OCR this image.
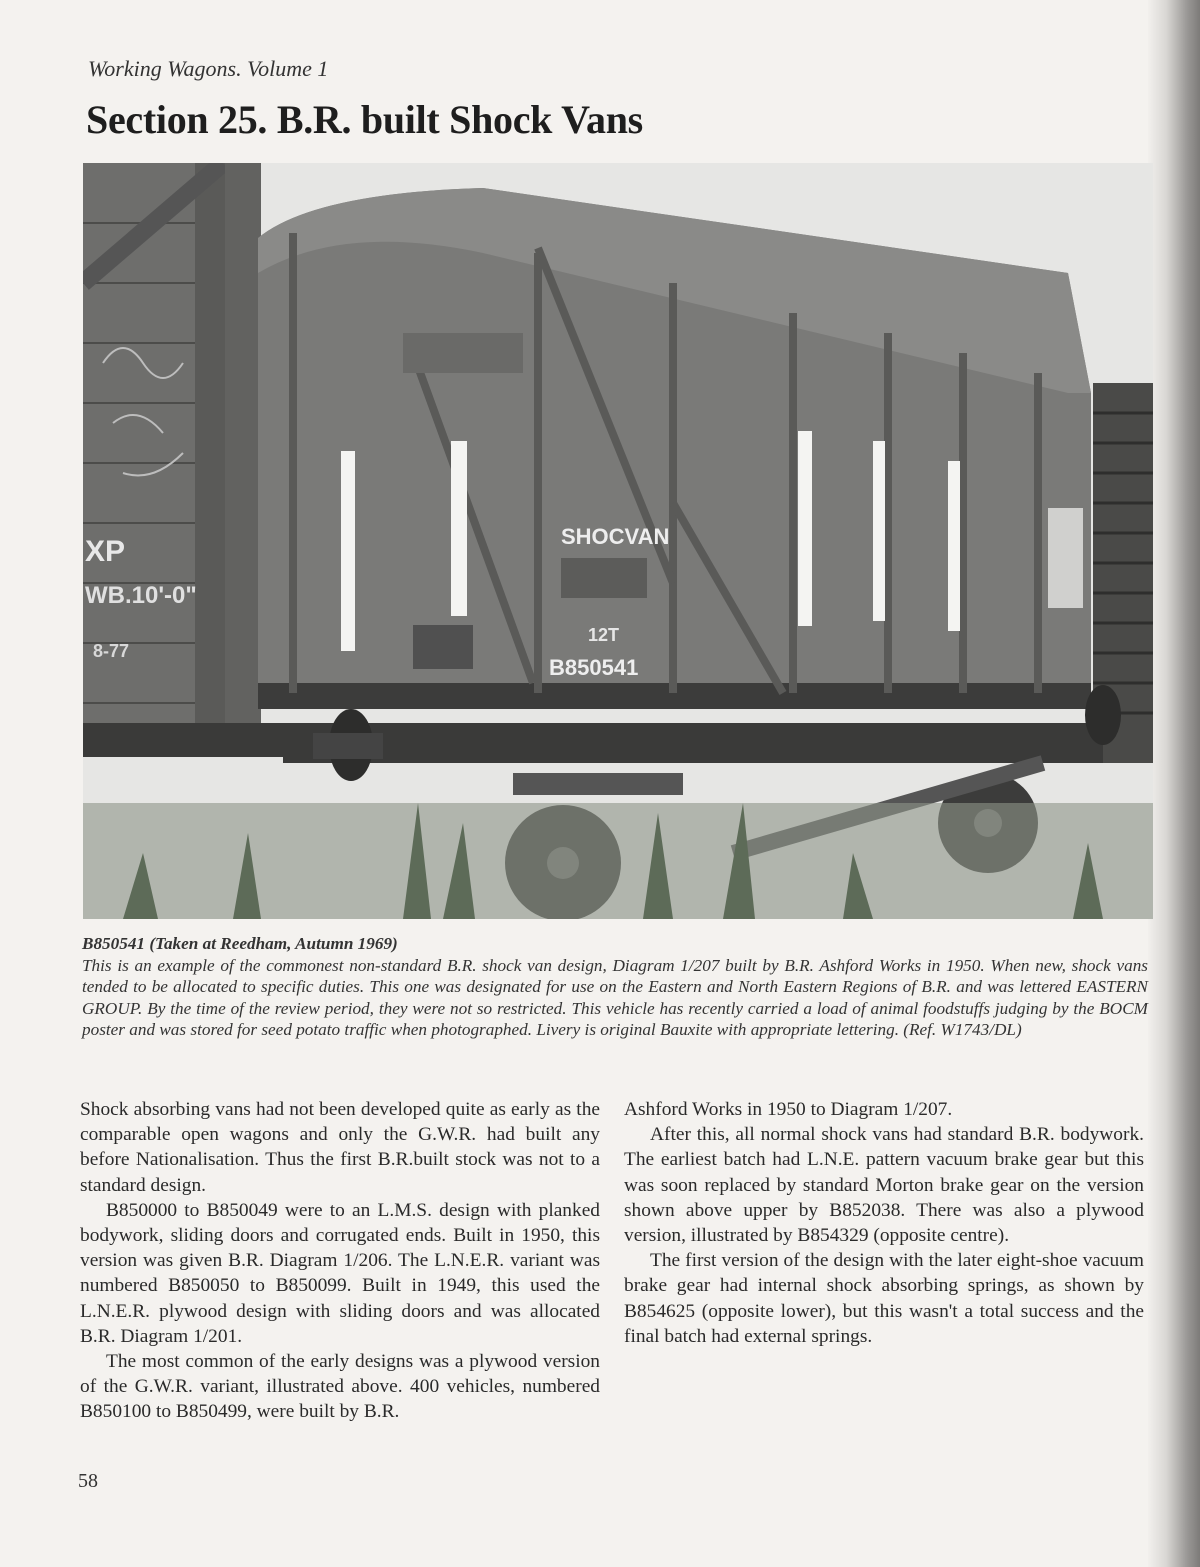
Working Wagons. Volume 1
Section 25. B.R. built Shock Vans
XP
WB.10'-0"
8-77
SHOCVAN
12T
B850541
B850541 (Taken at Reedham, Autumn 1969)
This is an example of the commonest non-standard B.R. shock van design, Diagram 1/207 built by B.R. Ashford Works in 1950. When new, shock vans tended to be allocated to specific duties. This one was designated for use on the Eastern and North Eastern Regions of B.R. and was lettered EASTERN GROUP. By the time of the review period, they were not so restricted. This vehicle has recently carried a load of animal foodstuffs judging by the BOCM poster and was stored for seed potato traffic when photographed. Livery is original Bauxite with appropriate lettering. (Ref. W1743/DL)

Shock absorbing vans had not been developed quite as early as the comparable open wagons and only the G.W.R. had built any before Nationalisation. Thus the first B.R.built stock was not to a standard design.

B850000 to B850049 were to an L.M.S. design with planked bodywork, sliding doors and corrugated ends. Built in 1950, this version was given B.R. Diagram 1/206. The L.N.E.R. variant was numbered B850050 to B850099. Built in 1949, this used the L.N.E.R. plywood design with sliding doors and was allocated B.R. Diagram 1/201.

The most common of the early designs was a plywood version of the G.W.R. variant, illustrated above. 400 vehicles, numbered B850100 to B850499, were built by B.R.

Ashford Works in 1950 to Diagram 1/207.

After this, all normal shock vans had standard B.R. bodywork. The earliest batch had L.N.E. pattern vacuum brake gear but this was soon replaced by standard Morton brake gear on the version shown above upper by B852038. There was also a plywood version, illustrated by B854329 (opposite centre).

The first version of the design with the later eight-shoe vacuum brake gear had internal shock absorbing springs, as shown by B854625 (opposite lower), but this wasn't a total success and the final batch had external springs.

58
